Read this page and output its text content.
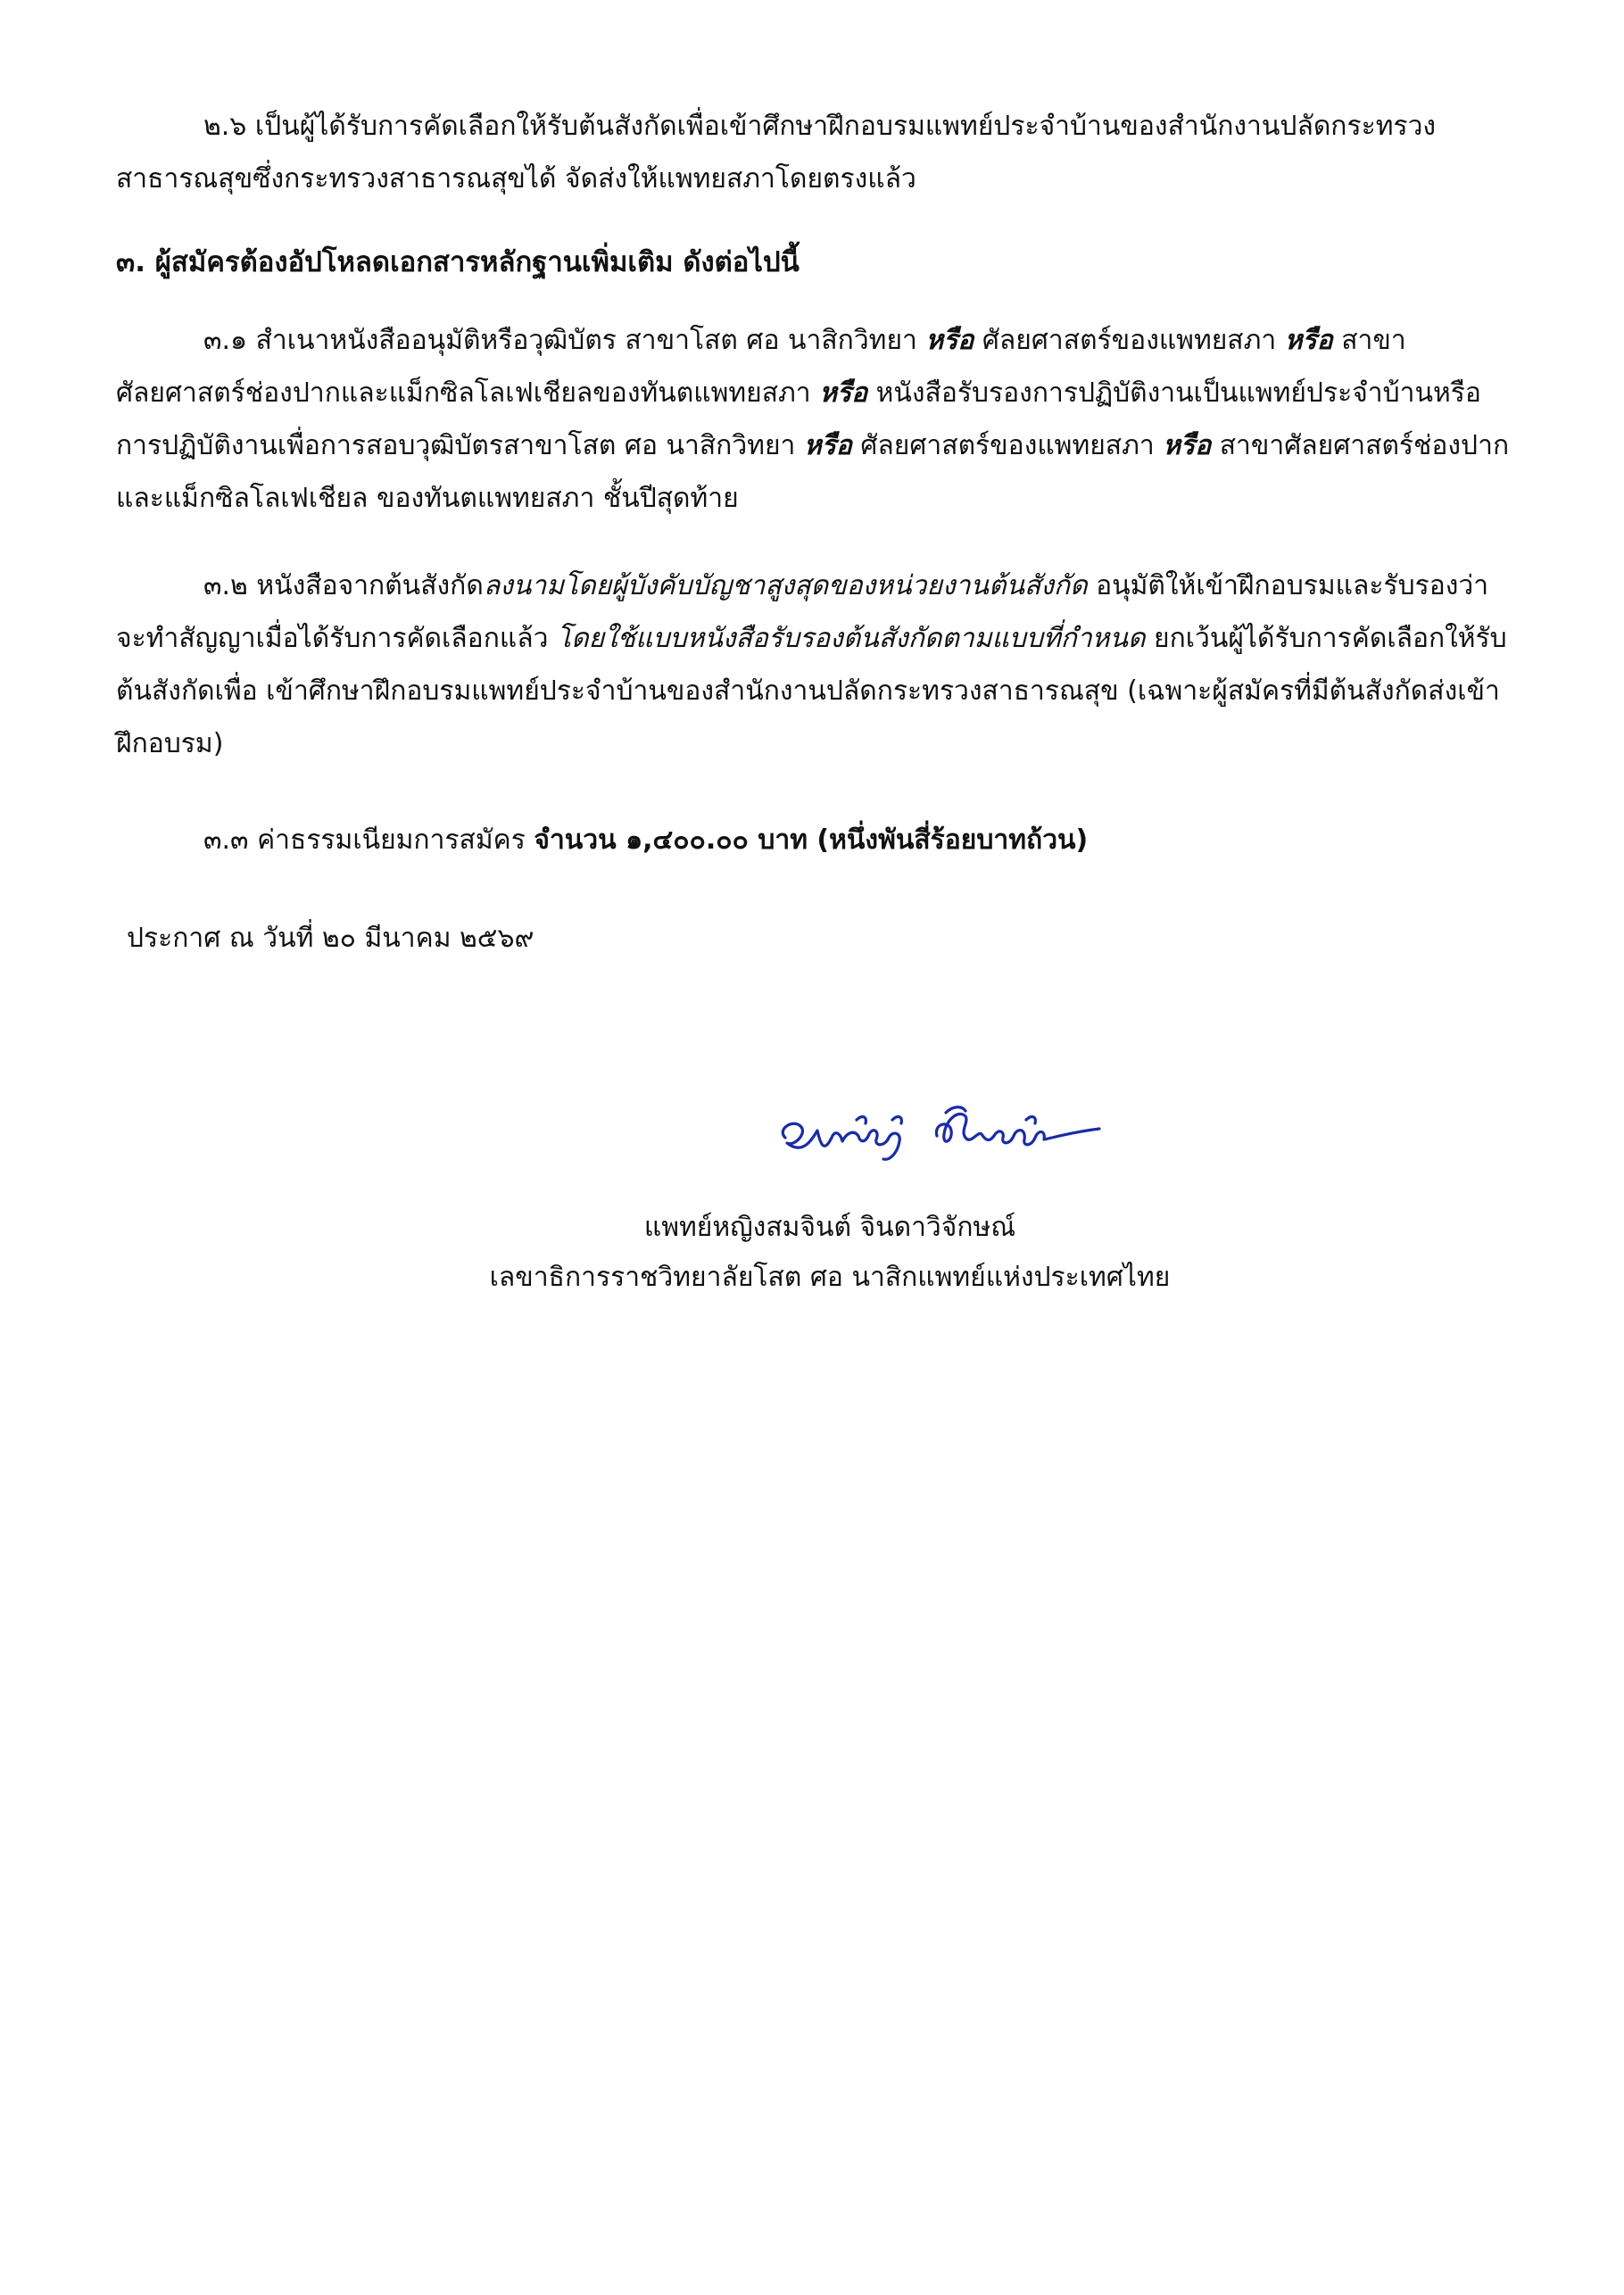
๒.๖ เป็นผู้ได้รับการคัดเลือกให้รับต้นสังกัดเพื่อเข้าศึกษาฝึกอบรมแพทย์ประจำบ้านของสำนักงานปลัดกระทรวง
สาธารณสุขซึ่งกระทรวงสาธารณสุขได้ จัดส่งให้แพทยสภาโดยตรงแล้ว
๓. ผู้สมัครต้องอัปโหลดเอกสารหลักฐานเพิ่มเติม ดังต่อไปนี้
๓.๑ สำเนาหนังสืออนุมัติหรือวุฒิบัตร สาขาโสต ศอ นาสิกวิทยา หรือ ศัลยศาสตร์ของแพทยสภา หรือ สาขา
ศัลยศาสตร์ช่องปากและแม็กซิลโลเฟเชียลของทันตแพทยสภา หรือ หนังสือรับรองการปฏิบัติงานเป็นแพทย์ประจำบ้านหรือ
การปฏิบัติงานเพื่อการสอบวุฒิบัตรสาขาโสต ศอ นาสิกวิทยา หรือ ศัลยศาสตร์ของแพทยสภา หรือ สาขาศัลยศาสตร์ช่องปาก
และแม็กซิลโลเฟเชียล ของทันตแพทยสภา ชั้นปีสุดท้าย
๓.๒ หนังสือจากต้นสังกัดลงนามโดยผู้บังคับบัญชาสูงสุดของหน่วยงานต้นสังกัด อนุมัติให้เข้าฝึกอบรมและรับรองว่า
จะทำสัญญาเมื่อได้รับการคัดเลือกแล้ว โดยใช้แบบหนังสือรับรองต้นสังกัดตามแบบที่กำหนด ยกเว้นผู้ได้รับการคัดเลือกให้รับ
ต้นสังกัดเพื่อ เข้าศึกษาฝึกอบรมแพทย์ประจำบ้านของสำนักงานปลัดกระทรวงสาธารณสุข (เฉพาะผู้สมัครที่มีต้นสังกัดส่งเข้า
ฝึกอบรม)
๓.๓ ค่าธรรมเนียมการสมัคร จำนวน ๑,๔๐๐.๐๐ บาท (หนึ่งพันสี่ร้อยบาทถ้วน)
ประกาศ ณ วันที่ ๒๐ มีนาคม ๒๕๖๙
แพทย์หญิงสมจินต์ จินดาวิจักษณ์
เลขาธิการราชวิทยาลัยโสต ศอ นาสิกแพทย์แห่งประเทศไทย
